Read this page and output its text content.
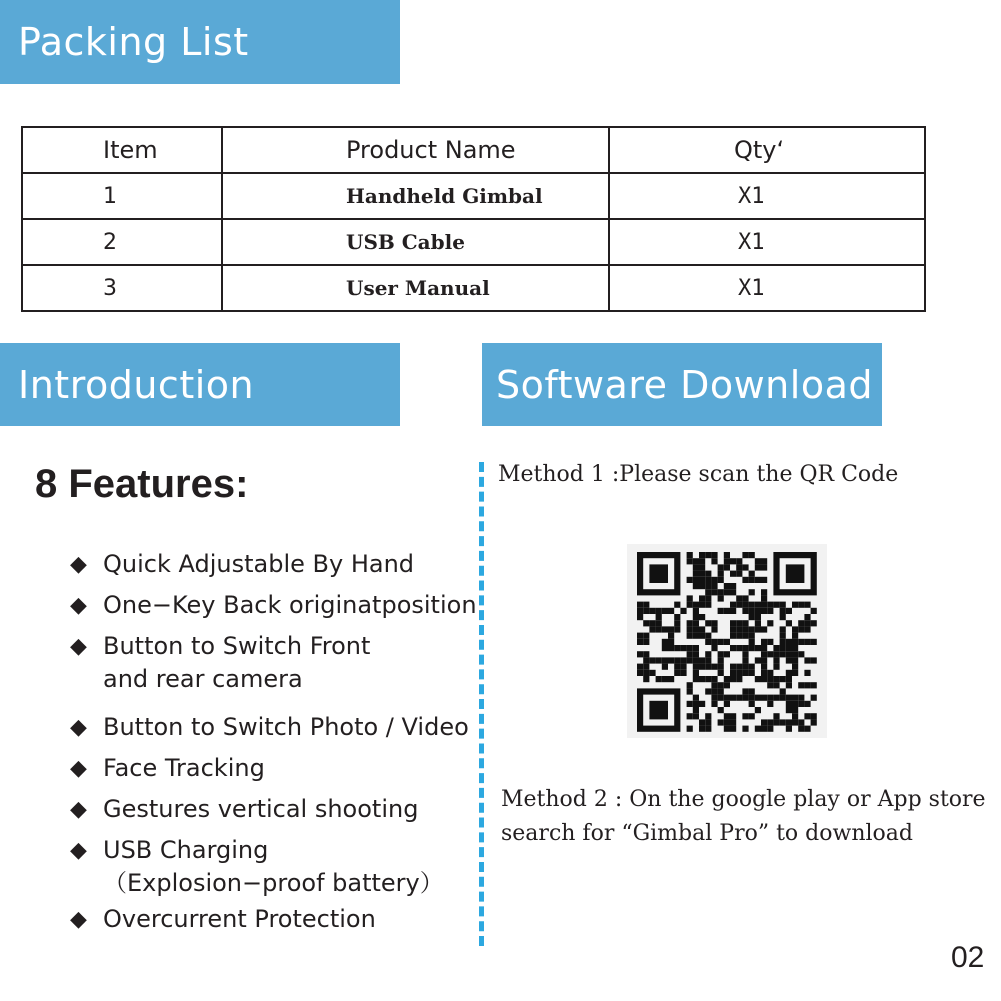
Packing List
Item	Product Name	Qty‘
1	Handheld Gimbal	X1
2	USB Cable	X1
3	User Manual	X1
Introduction	Software Download
8 Features:
◆ Quick Adjustable By Hand
◆ One−Key Back originatposition
◆ Button to Switch Front
and rear camera
◆ Button to Switch Photo / Video
◆ Face Tracking
◆ Gestures vertical shooting
◆ USB Charging
（Explosion−proof battery）
◆ Overcurrent Protection
Method 1 :Please scan the QR Code
Method 2 : On the google play or App store
search for “Gimbal Pro” to download
02
